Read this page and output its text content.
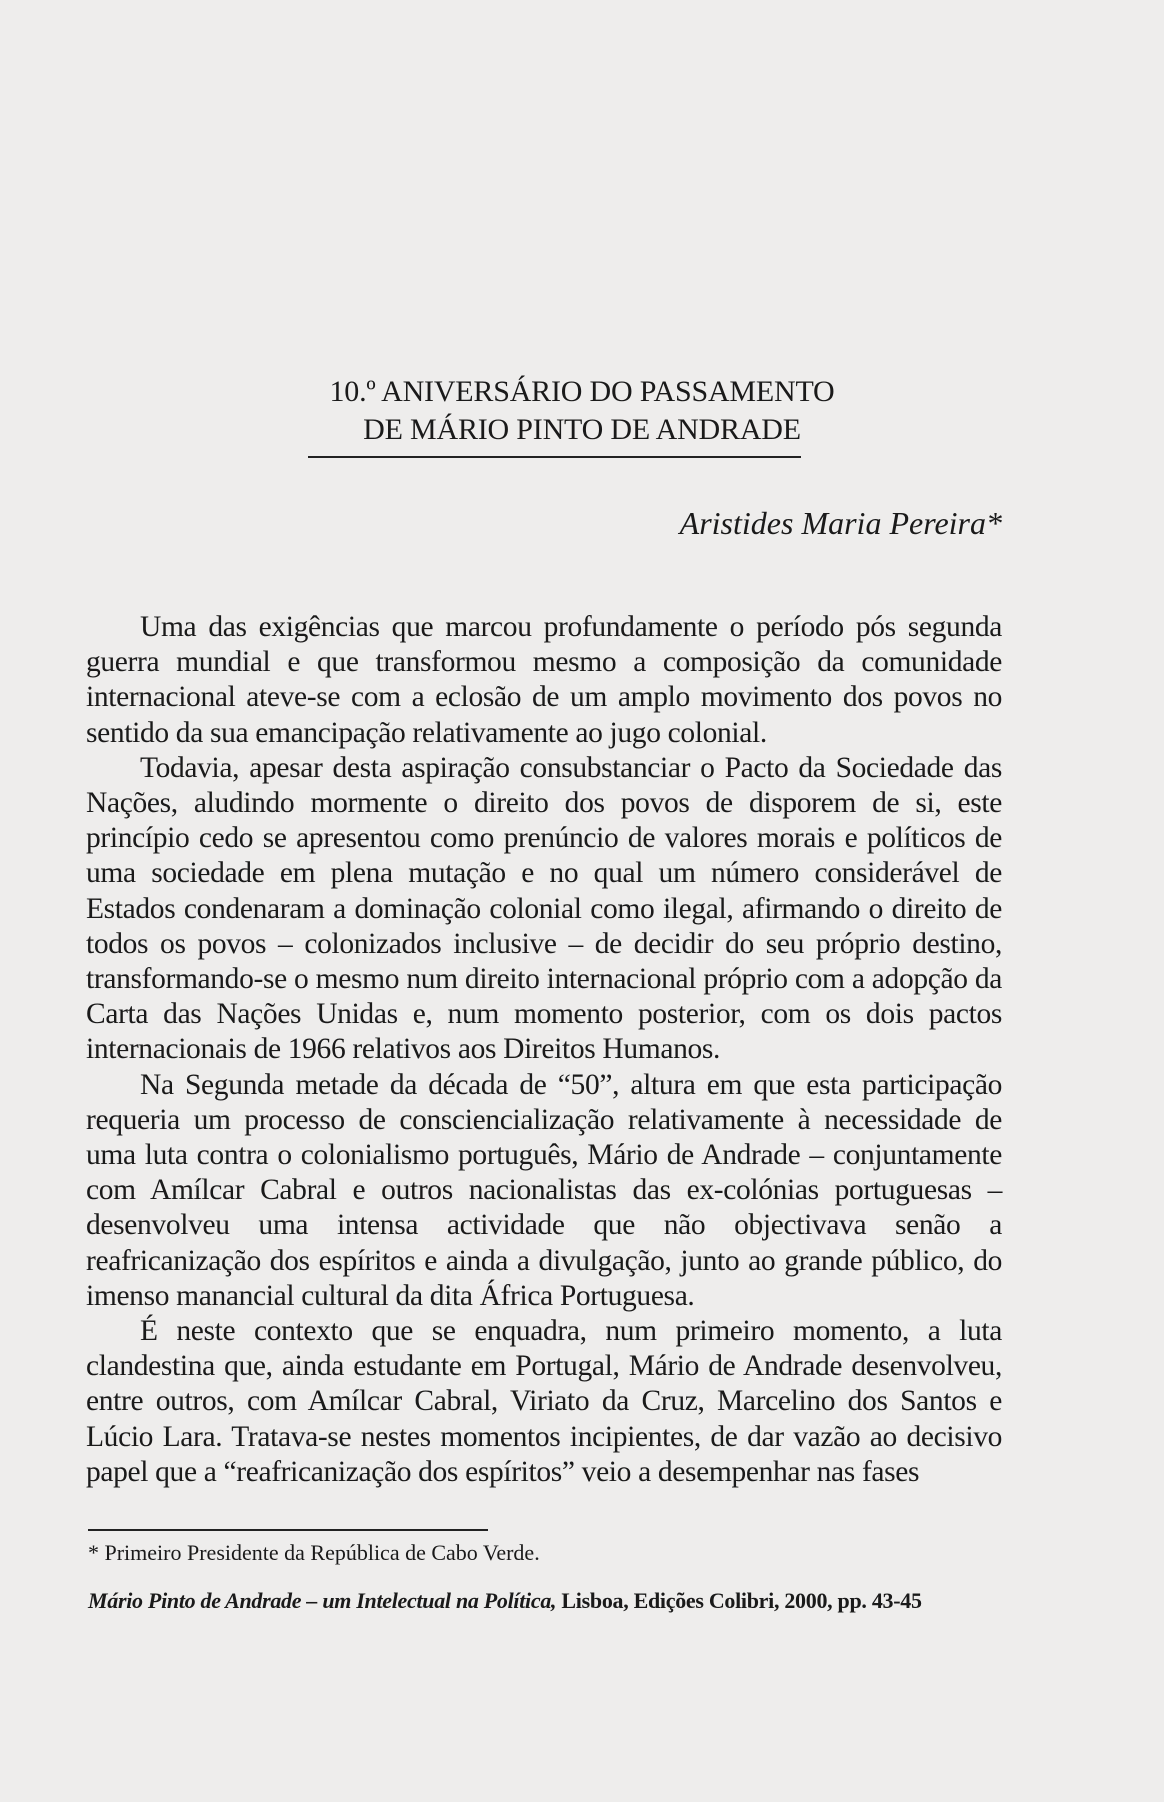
10.º ANIVERSÁRIO DO PASSAMENTO
DE MÁRIO PINTO DE ANDRADE
Aristides Maria Pereira*

Uma das exigências que marcou profundamente o período pós segunda guerra mundial e que transformou mesmo a composição da comunidade internacional ateve-se com a eclosão de um amplo movimento dos povos no sentido da sua emancipação relativamente ao jugo colonial.

Todavia, apesar desta aspiração consubstanciar o Pacto da Sociedade das Nações, aludindo mormente o direito dos povos de disporem de si, este princípio cedo se apresentou como prenúncio de valores morais e políticos de uma sociedade em plena mutação e no qual um número considerável de Estados condenaram a dominação colonial como ilegal, afirmando o direito de todos os povos – colonizados inclusive – de decidir do seu próprio destino, transformando-se o mesmo num direito internacional próprio com a adopção da Carta das Nações Unidas e, num momento posterior, com os dois pactos internacionais de 1966 relativos aos Direitos Humanos.

Na Segunda metade da década de “50”, altura em que esta participação requeria um processo de consciencialização relativamente à necessidade de uma luta contra o colonialismo português, Mário de Andrade – conjuntamente com Amílcar Cabral e outros nacionalistas das ex-colónias portuguesas – desenvolveu uma intensa actividade que não objectivava senão a reafricanização dos espíritos e ainda a divulgação, junto ao grande público, do imenso manancial cultural da dita África Portuguesa.

É neste contexto que se enquadra, num primeiro momento, a luta clandestina que, ainda estudante em Portugal, Mário de Andrade desenvolveu, entre outros, com Amílcar Cabral, Viriato da Cruz, Marcelino dos Santos e Lúcio Lara. Tratava-se nestes momentos incipientes, de dar vazão ao decisivo papel que a “reafricanização dos espíritos” veio a desempenhar nas fases

* Primeiro Presidente da República de Cabo Verde.
Mário Pinto de Andrade – um Intelectual na Política, Lisboa, Edições Colibri, 2000, pp. 43-45
